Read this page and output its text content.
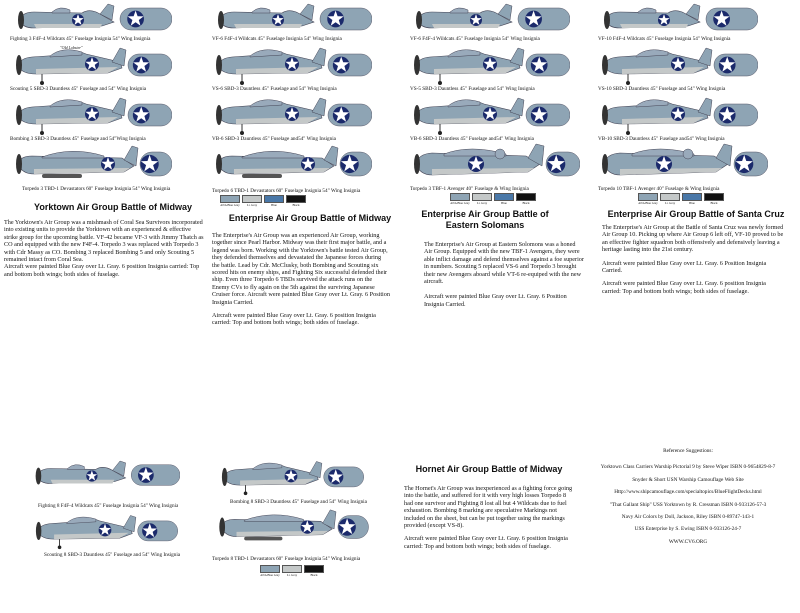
Fighting 3 F4F-4 Wildcats 45" Fuselage Insignia 54" Wing Insignia
"Old Lobster"
Scouting 5 SBD-3 Dauntless 45" Fuselage and 54" Wing Insignia
Bombing 3 SBD-3 Dauntless 45" Fuselage and 54"Wing Insignia
Torpedo 3 TBD-1 Devastators 60" Fuselage Insignia 54" Wing Insignia
Yorktown Air Group Battle of Midway

The Yorktown's Air Group was a mishmash of Coral Sea Survivors incorporated into existing units to provide the Yorktown with an experienced & effective strike group for the upcoming battle. VF-42 became VF-3 with Jimmy Thatch as CO and equipped with the new F4F-4. Torpedo 3 was replaced with Torpedo 3 with Cdr Massy as CO. Bombing 3 replaced Bombing 5 and only Scouting 5 remained intact from Coral Sea.

Aircraft were painted Blue Gray over Lt. Gray. 6 position Insignia carried: Top and bottom both wings; both sides of fuselage.

VF-6 F4F-4 Wildcats 45" Fuselage Insignia 54" Wing Insignia
VS-6 SBD-3 Dauntless 45" Fuselage and 54" Wing Insignia
VB-6 SBD-3 Dauntless 45" Fuselage and54" Wing Insignia
Torpedo 6 TBD-1 Devastators 60" Fuselage Insignia 54" Wing Insignia
ANA Blue Gray	Lt. Gray	Blue	Black
Enterprise Air Group Battle of Midway

The Enterprise's Air Group was an experienced Air Group, working together since Pearl Harbor. Midway was their first major battle, and a legend was born. Working with the Yorktown's battle tested Air Group, they defended themselves and devastated the Japanese forces during the battle. Lead by Cdr. McClusky, both Bombing and Scouting six scored hits on enemy ships, and Fighting Six successful defended their ship. Even three Torpedo 6 TBDs survived the attack runs on the Enemy CVs to fly again on the 5th against the surviving Japanese Cruiser force. Aircraft were painted Blue Gray over Lt. Gray. 6 Position Insignia Carried.

Aircraft were painted Blue Gray over Lt. Gray. 6 position Insignia carried: Top and bottom both wings; both sides of fuselage.

VF-6 F4F-4 Wildcats 45" Fuselage Insignia 54" Wing Insignia
VS-5 SBD-3 Dauntless 45" Fuselage and 54" Wing Insignia
VB-6 SBD-3 Dauntless 45" Fuselage and54" Wing Insignia
Torpedo 3 TBF-1 Avenger 40" Fuselage & Wing Insignia
ANA Blue Gray	Lt. Gray	Blue	Black
Enterprise Air Group Battle of Eastern Solomans

The Enterprise's Air Group at Eastern Solomons was a honed Air Group. Equipped with the new TBF-1 Avengers, they were able inflict damage and defend themselves against a foe superior in numbers. Scouting 5 replaced VS-6 and Torpedo 3 brought their new Avengers aboard while VT-6 re-equiped with the new aircraft.

Aircraft were painted Blue Gray over Lt. Gray. 6 Position Insignia Carried.

VF-10 F4F-4 Wildcats 45" Fuselage Insignia 54" Wing Insignia
VS-10 SBD-3 Dauntless 45" Fuselage and 54" Wing Insignia
VB-10 SBD-3 Dauntless 45" Fuselage and54" Wing Insignia
Torpedo 10 TBF-1 Avenger 40" Fuselage & Wing Insignia
ANA Blue Gray	Lt. Gray	Blue	Black
Enterprise Air Group Battle of Santa Cruz

The Enterprise's Air Group at the Battle of Santa Cruz was newly formed Air Group 10. Picking up where Air Group 6 left off, VF-10 proved to be an effective fighter squadron both offensively and defensively leaving a heritage lasting into the 21st century.

Aircraft were painted Blue Gray over Lt. Gray. 6 Position Insignia Carried.

Aircraft were painted Blue Gray over Lt. Gray. 6 position Insignia carried: Top and bottom both wings; both sides of fuselage.

Fighting 8 F4F-4 Wildcats 45" Fuselage Insignia 54" Wing Insignia
Scouting 8 SBD-3 Dauntless 45" Fuselage and 54" Wing Insignia
Bombing 8 SBD-3 Dauntless 45" Fuselage and 54" Wing Insignia
Torpedo 8 TBD-1 Devastators 60" Fuselage Insignia 54" Wing Insignia
ANA Blue Gray	Lt. Gray	Black
Hornet Air Group Battle of Midway

The Hornet's Air Group was inexperienced as a fighting force going into the battle, and suffered for it with very high losses Torpedo 8 had one survivor and Fighting 8 lost all but 4 Wildcats due to fuel exhaustion. Bombing 8 marking are speculative Markings not included on the sheet, but can be put together using the markings provided (except VS-8).

Aircraft were painted Blue Gray over Lt. Gray. 6 position Insignia carried: Top and bottom both wings; both sides of fuselage.

Reference Suggestions:

Yorktown Class Carriers Warship Pictorial 9 by Steve Wiper ISBN 0-9654829-8-7

Snyder & Short USN Warship Camouflage Web Site

Http://www.shipcamouflage.com/specialtopics/BlueFlightDecks.html

"That Gallant Ship" USS Yorktown by R. Cressman ISBN 0-933126-57-3

Navy Air Colors by Doll, Jackson, Riley ISBN 0-89747-143-1

USS Enterprise by S. Ewing ISBN 0-933126-24-7

WWW.CV6.ORG
